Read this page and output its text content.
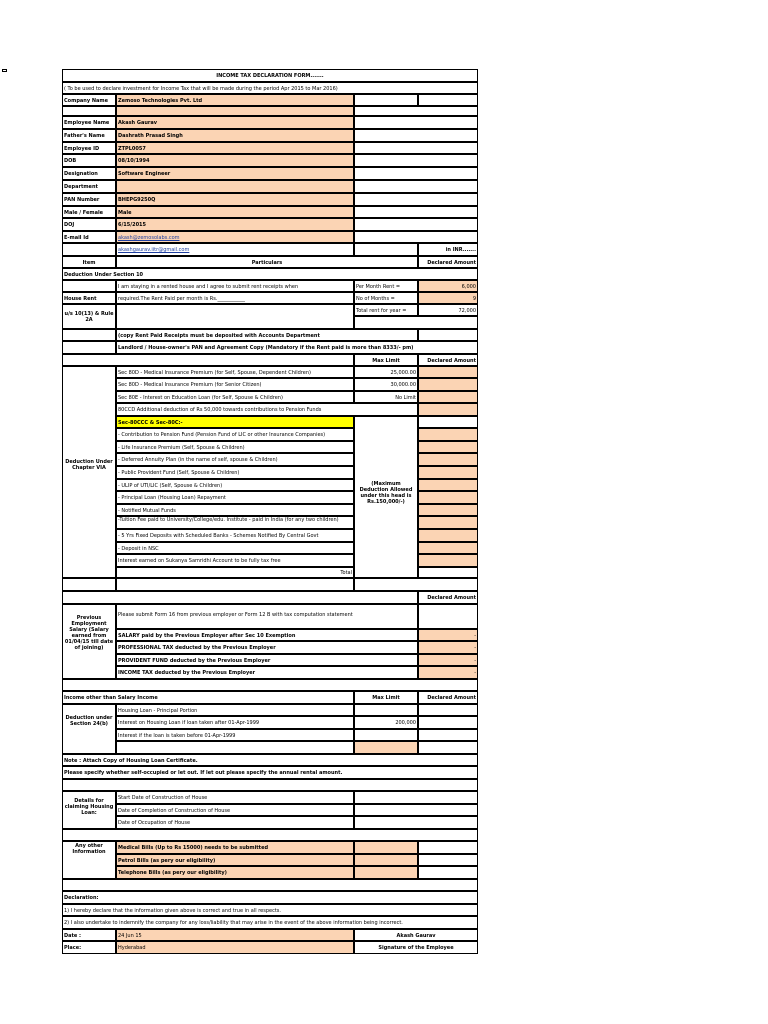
INCOME TAX DECLARATION FORM.......
( To be used to declare investment for Income Tax that will be made during the period Apr 2015 to Mar 2016)
Company Name	Zemoso Technologies Pvt. Ltd
Employee Name	Akash Gaurav
Father's Name	Dashrath Prasad Singh
Employee ID	ZTPL0057
DOB	08/10/1994
Designation	Software Engineer
Department
PAN Number	BHEPG9250Q
Male / Female	Male
DOJ	6/15/2015
E-mail Id	akash@zemosolabs.com
akashgaurav.iitr@gmail.com	in INR.......
Item	Particulars	Declared Amount
Deduction Under Section 10
I am staying in a rented house and I agree to submit rent receipts when	Per Month Rent =	6,000
House Rent	required.The Rent Paid per month is Rs.___________	No of Months =	9
u/s 10(13) & Rule 2A
Total rent for year =	72,000
(copy Rent Paid Receipts must be deposited with Accounts Department
Landlord / House-owner's PAN and Agreement Copy (Mandatory if the Rent paid is more than 8333/- pm)
Max Limit	Declared Amount
Deduction Under Chapter VIA
Sec 80D - Medical Insurance Premium (for Self, Spouse, Dependent Children)	25,000.00
Sec 80D - Medical Insurance Premium (for Senior Citizen)	30,000.00
Sec 80E - Interest on Education Loan (for Self, Spouse & Children)	No Limit
80CCD Additional deduction of Rs 50,000 towards contributions to Pension Funds
Sec-80CCC & Sec-80C:-
(Maximum Deduction Allowed under this head is Rs.150,000/-)
- Contribution to Pension Fund (Pension Fund of LIC or other Insurance Companies)
- Life Insurance Premium (Self, Spouse & Children)
- Deferred Annuity Plan (in the name of self, spouse & Children)
- Public Provident Fund (Self, Spouse & Children)
- ULIP of UTI/LIC (Self, Spouse & Children)
- Principal Loan (Housing Loan) Repayment
- Notified Mutual Funds
-Tuition Fee paid to University/College/edu. Institute - paid in India (for any two children)
- 5 Yrs Fixed Deposits with Scheduled Banks - Schemes Notified By Central Govt
- Deposit in NSC
Interest earned on Sukanya Samridhi Account to be fully tax free
Total
Declared Amount
Previous Employment Salary (Salary earned from 01/04/15 till date of joining)
Please submit Form 16 from previous employer or Form 12 B with tax computation statement
SALARY paid by the Previous Employer after Sec 10 Exemption	-
PROFESSIONAL TAX deducted by the Previous Employer	-
PROVIDENT FUND deducted by the Previous Employer	-
INCOME TAX deducted by the Previous Employer	-
Income other than Salary Income	Max Limit	Declared Amount
Deduction under Section 24(b)
Housing Loan - Principal Portion
Interest on Housing Loan if loan taken after 01-Apr-1999	200,000
Interest if the loan is taken before 01-Apr-1999
Note : Attach Copy of Housing Loan Certificate.
Please specify whether self-occupied or let out. If let out please specify the annual rental amount.
Details for claiming Housing Loan:
Start Date of Construction of House
Date of Completion of Construction of House
Date of Occupation of House
Any other Information
Medical Bills (Up to Rs 15000) needs to be submitted
Petrol Bills (as pery our eligibility)
Telephone Bills (as pery our eligibility)
Declaration:
1) I hereby declare that the information given above is correct and true in all respects.
2) I also undertake to indemnify the company for any loss/liability that may arise in the event of the above information being incorrect.
Date :	24 Jun 15	Akash Gaurav
Place:	Hyderabad	Signature of the Employee
